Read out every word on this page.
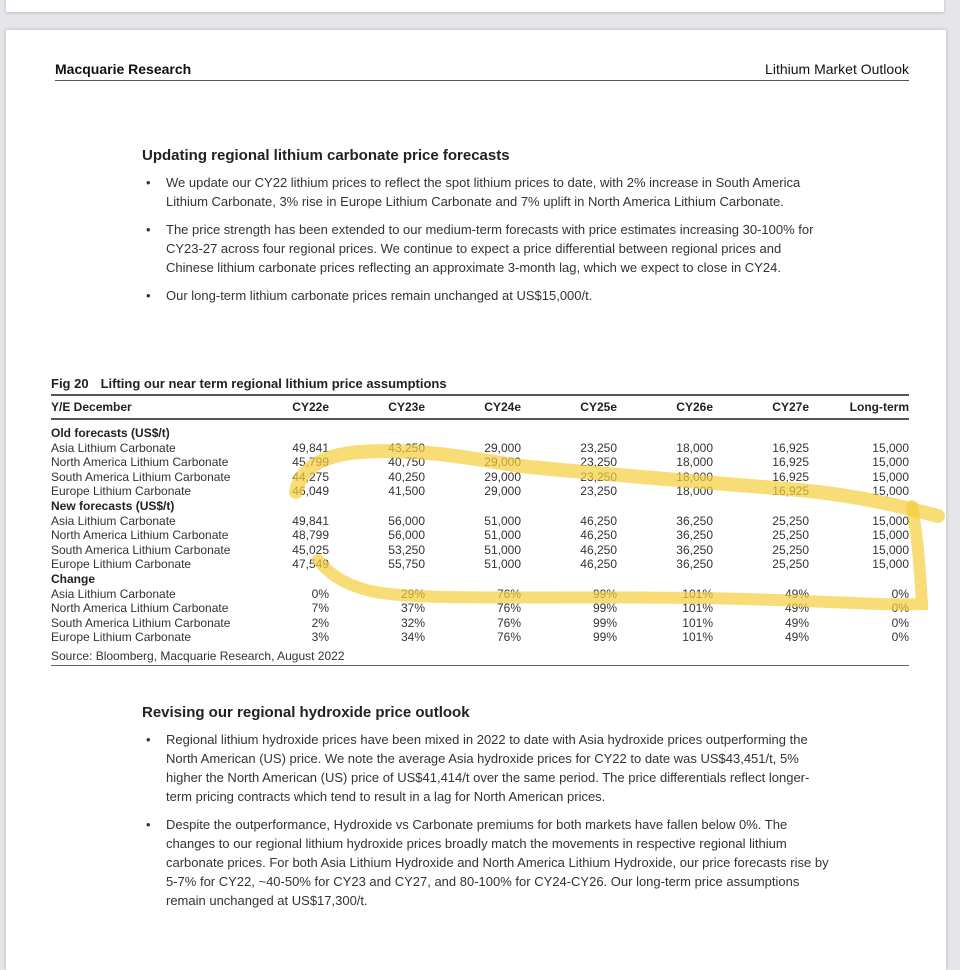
Macquarie Research	Lithium Market Outlook
Updating regional lithium carbonate price forecasts
• We update our CY22 lithium prices to reflect the spot lithium prices to date, with 2% increase in South America Lithium Carbonate, 3% rise in Europe Lithium Carbonate and 7% uplift in North America Lithium Carbonate.
• The price strength has been extended to our medium-term forecasts with price estimates increasing 30-100% for CY23-27 across four regional prices. We continue to expect a price differential between regional prices and Chinese lithium carbonate prices reflecting an approximate 3-month lag, which we expect to close in CY24.
• Our long-term lithium carbonate prices remain unchanged at US$15,000/t.
Fig 20 Lifting our near term regional lithium price assumptions
Y/E December	CY22e	CY23e	CY24e	CY25e	CY26e	CY27e	Long-term
Old forecasts (US$/t)							
Asia Lithium Carbonate	49,841	43,250	29,000	23,250	18,000	16,925	15,000
North America Lithium Carbonate	45,799	40,750	29,000	23,250	18,000	16,925	15,000
South America Lithium Carbonate	44,275	40,250	29,000	23,250	18,000	16,925	15,000
Europe Lithium Carbonate	46,049	41,500	29,000	23,250	18,000	16,925	15,000
New forecasts (US$/t)							
Asia Lithium Carbonate	49,841	56,000	51,000	46,250	36,250	25,250	15,000
North America Lithium Carbonate	48,799	56,000	51,000	46,250	36,250	25,250	15,000
South America Lithium Carbonate	45,025	53,250	51,000	46,250	36,250	25,250	15,000
Europe Lithium Carbonate	47,549	55,750	51,000	46,250	36,250	25,250	15,000
Change							
Asia Lithium Carbonate	0%	29%	76%	99%	101%	49%	0%
North America Lithium Carbonate	7%	37%	76%	99%	101%	49%	0%
South America Lithium Carbonate	2%	32%	76%	99%	101%	49%	0%
Europe Lithium Carbonate	3%	34%	76%	99%	101%	49%	0%
Source: Bloomberg, Macquarie Research, August 2022
Revising our regional hydroxide price outlook
• Regional lithium hydroxide prices have been mixed in 2022 to date with Asia hydroxide prices outperforming the North American (US) price. We note the average Asia hydroxide prices for CY22 to date was US$43,451/t, 5% higher the North American (US) price of US$41,414/t over the same period. The price differentials reflect longer-term pricing contracts which tend to result in a lag for North American prices.
• Despite the outperformance, Hydroxide vs Carbonate premiums for both markets have fallen below 0%. The changes to our regional lithium hydroxide prices broadly match the movements in respective regional lithium carbonate prices. For both Asia Lithium Hydroxide and North America Lithium Hydroxide, our price forecasts rise by 5-7% for CY22, ~40-50% for CY23 and CY27, and 80-100% for CY24-CY26. Our long-term price assumptions remain unchanged at US$17,300/t.
